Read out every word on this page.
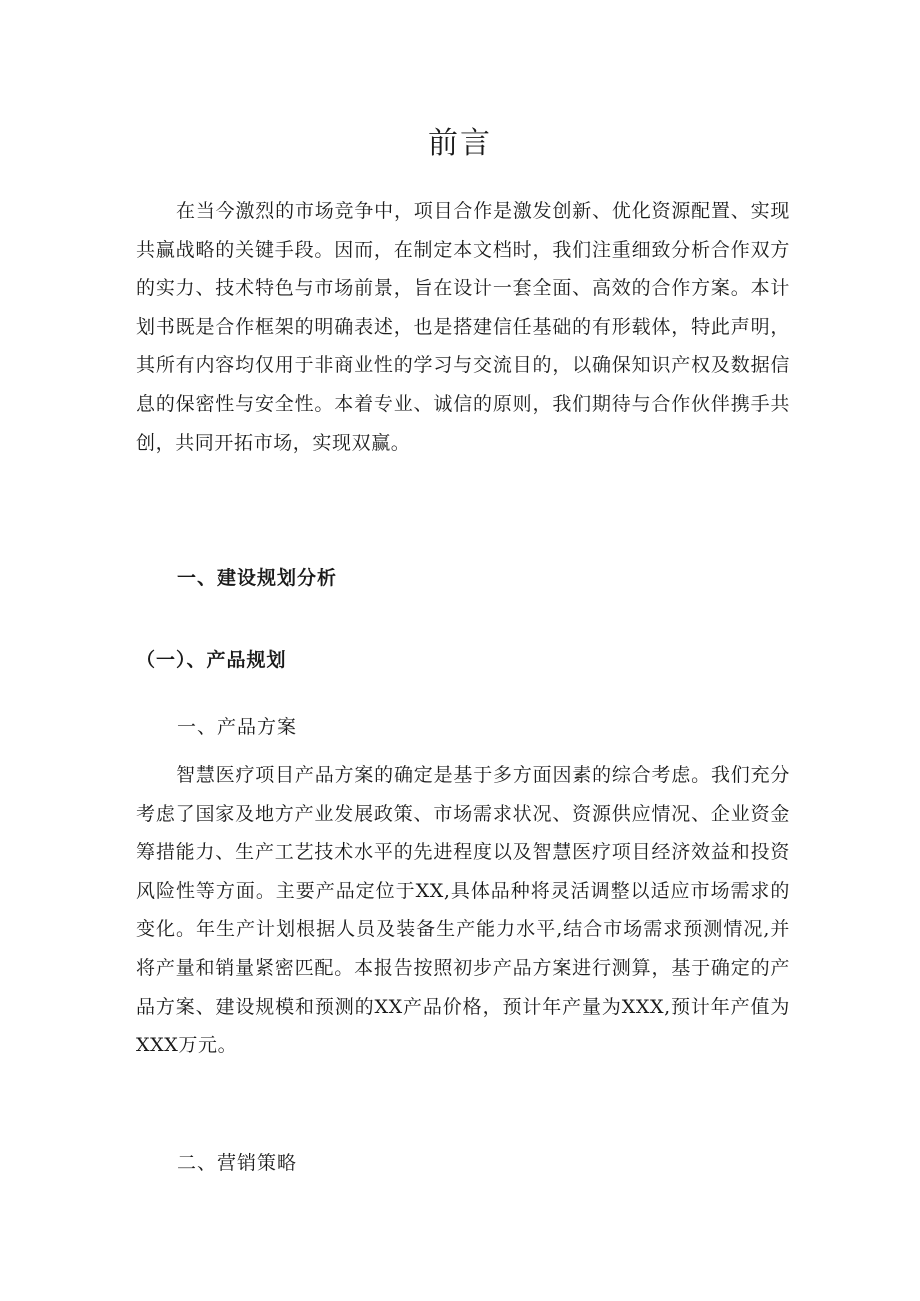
前言

在当今激烈的市场竞争中，项目合作是激发创新、优化资源配置、实现共赢战略的关键手段。因而，在制定本文档时，我们注重细致分析合作双方的实力、技术特色与市场前景，旨在设计一套全面、高效的合作方案。本计划书既是合作框架的明确表述，也是搭建信任基础的有形载体，特此声明，其所有内容均仅用于非商业性的学习与交流目的，以确保知识产权及数据信息的保密性与安全性。本着专业、诚信的原则，我们期待与合作伙伴携手共创，共同开拓市场，实现双赢。

一、建设规划分析
（一）、产品规划
一、产品方案

智慧医疗项目产品方案的确定是基于多方面因素的综合考虑。我们充分考虑了国家及地方产业发展政策、市场需求状况、资源供应情况、企业资金筹措能力、生产工艺技术水平的先进程度以及智慧医疗项目经济效益和投资风险性等方面。主要产品定位于XX,具体品种将灵活调整以适应市场需求的变化。年生产计划根据人员及装备生产能力水平,结合市场需求预测情况,并将产量和销量紧密匹配。本报告按照初步产品方案进行测算，基于确定的产品方案、建设规模和预测的XX产品价格，预计年产量为XXX,预计年产值为XXX万元。

二、营销策略
